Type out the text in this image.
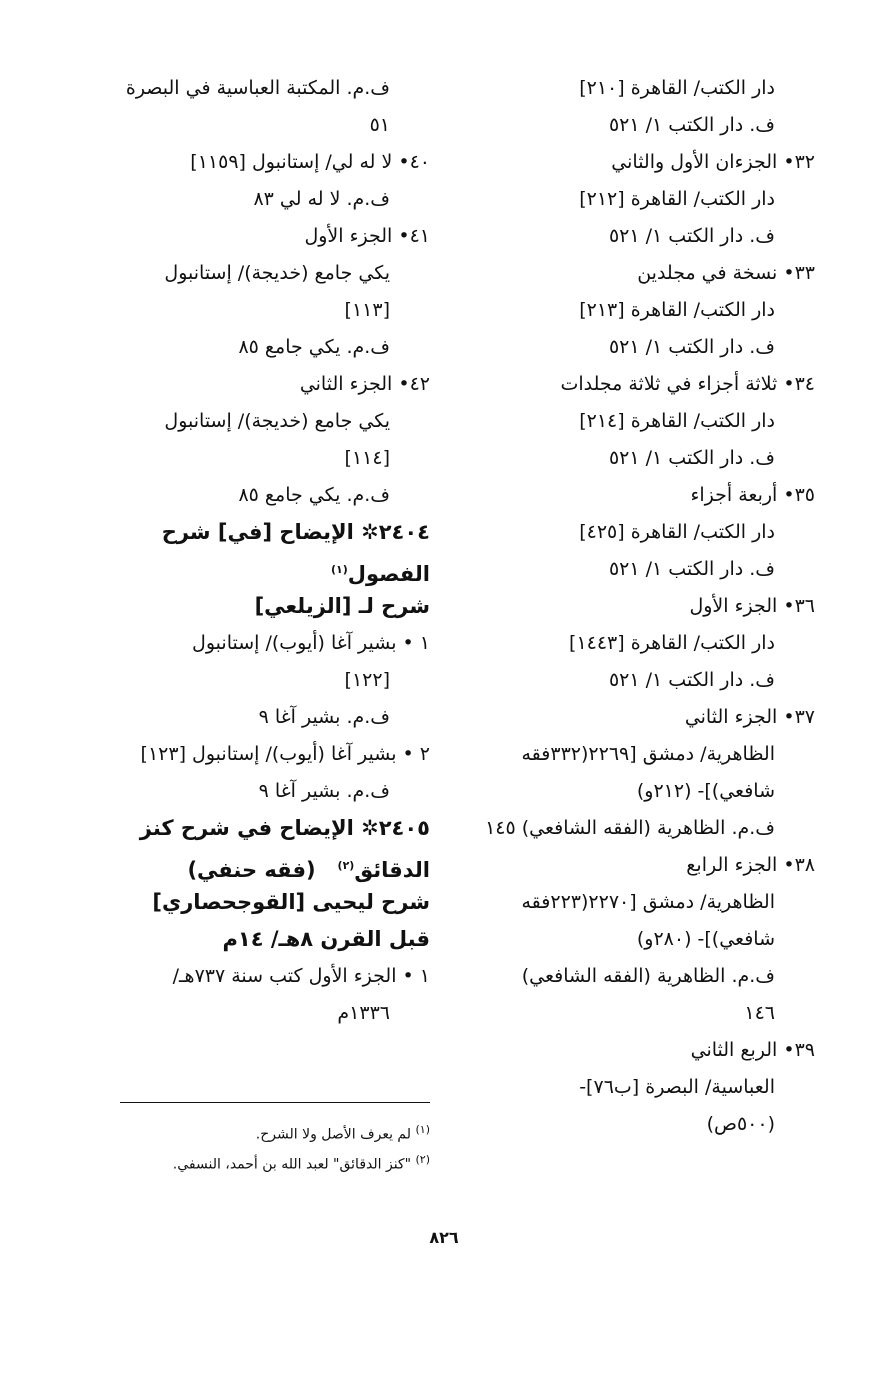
دار الكتب/ القاهرة [٢١٠]
ف. دار الكتب ١/ ٥٢١
٣٢• الجزءان الأول والثاني
دار الكتب/ القاهرة [٢١٢]
ف. دار الكتب ١/ ٥٢١
٣٣• نسخة في مجلدين
دار الكتب/ القاهرة [٢١٣]
ف. دار الكتب ١/ ٥٢١
٣٤• ثلاثة أجزاء في ثلاثة مجلدات
دار الكتب/ القاهرة [٢١٤]
ف. دار الكتب ١/ ٥٢١
٣٥• أربعة أجزاء
دار الكتب/ القاهرة [٤٢٥]
ف. دار الكتب ١/ ٥٢١
٣٦• الجزء الأول
دار الكتب/ القاهرة [١٤٤٣]
ف. دار الكتب ١/ ٥٢١
٣٧• الجزء الثاني
الظاهرية/ دمشق [٢٢٦٩(٣٣٢فقه
شافعي)]- (٢١٢و)
ف.م. الظاهرية (الفقه الشافعي) ١٤٥
٣٨• الجزء الرابع
الظاهرية/ دمشق [٢٢٧٠(٢٢٣فقه
شافعي)]- (٢٨٠و)
ف.م. الظاهرية (الفقه الشافعي)
١٤٦
٣٩• الربع الثاني
العباسية/ البصرة [ب٧٦]-
(٥٠٠ص)
ف.م. المكتبة العباسية في البصرة
٥١
٤٠• لا له لي/ إستانبول [١١٥٩]
ف.م. لا له لي ٨٣
٤١• الجزء الأول
يكي جامع (خديجة)/ إستانبول
[١١٣]
ف.م. يكي جامع ٨٥
٤٢• الجزء الثاني
يكي جامع (خديجة)/ إستانبول
[١١٤]
ف.م. يكي جامع ٨٥
٢٤٠٤✲ الإيضاح [في] شرح
الفصول$^{(١)}$
شرح لـ [الزيلعي]
١ • بشير آغا (أيوب)/ إستانبول
[١٢٢]
ف.م. بشير آغا ٩
٢ • بشير آغا (أيوب)/ إستانبول [١٢٣]
ف.م. بشير آغا ٩
٢٤٠٥✲ الإيضاح في شرح كنز
الدقائق$^{(٢)}$   (فقه حنفي)
شرح ليحيى [القوجحصاري]
قبل القرن ٨هـ/ ١٤م
١ • الجزء الأول كتب سنة ٧٣٧هـ/
١٣٣٦م
$^{(١)}$ لم يعرف الأصل ولا الشرح.
$^{(٢)}$ "كنز الدقائق" لعبد الله بن أحمد، النسفي.
٨٢٦
